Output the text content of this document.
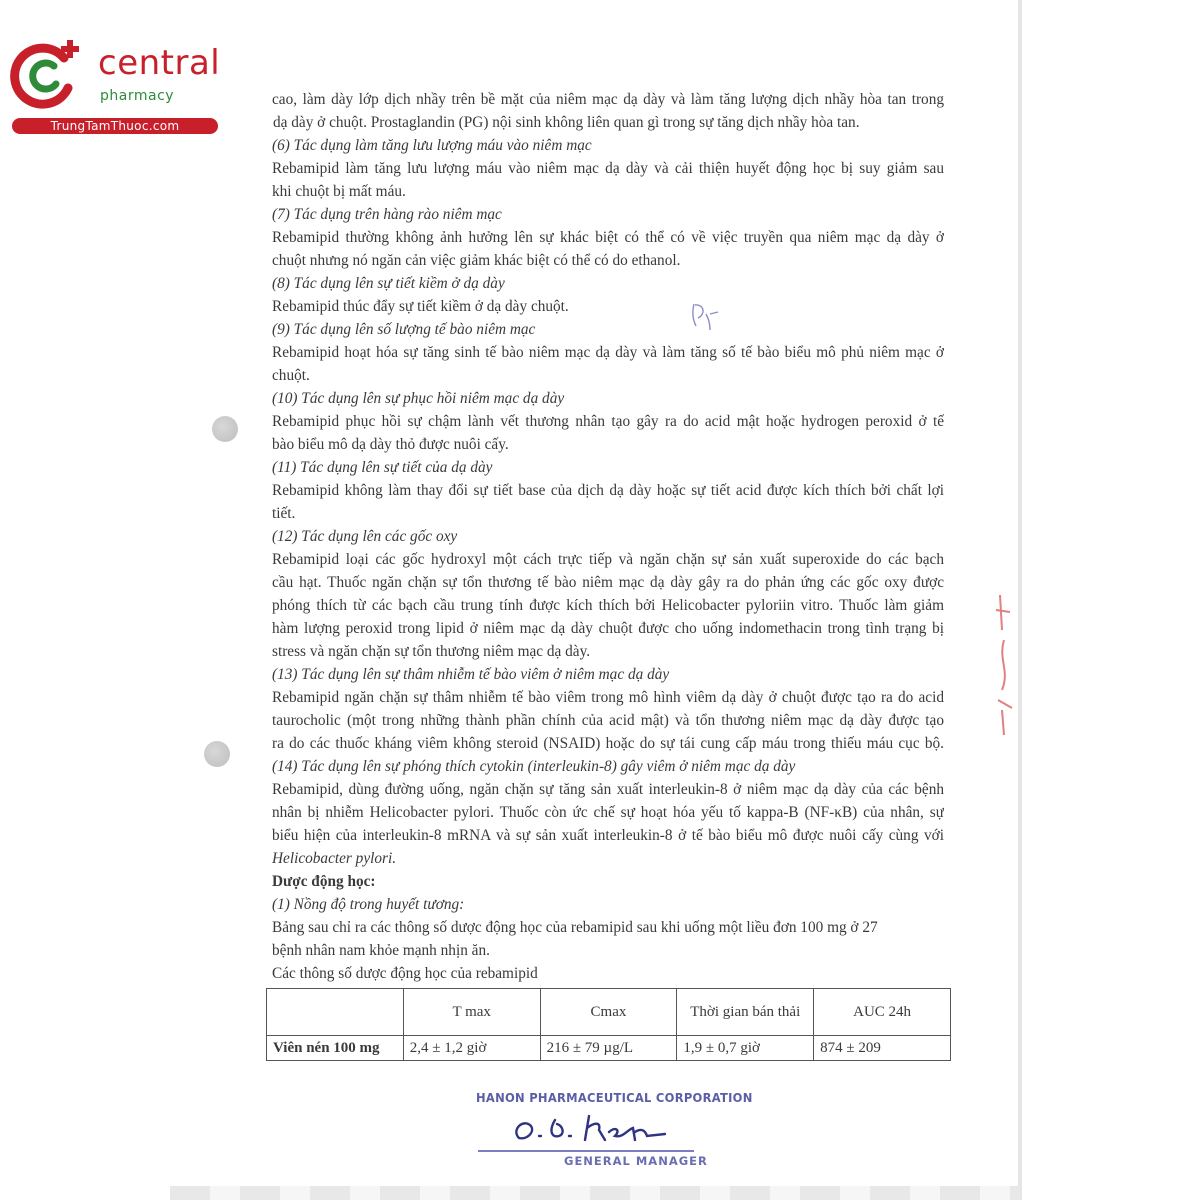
central
pharmacy
TrungTamThuoc.com
cao, làm dày lớp dịch nhầy trên bề mặt của niêm mạc dạ dày và làm tăng lượng dịch nhầy hòa tan trong
dạ dày ở chuột. Prostaglandin (PG) nội sinh không liên quan gì trong sự tăng dịch nhầy hòa tan.
(6) Tác dụng làm tăng lưu lượng máu vào niêm mạc
Rebamipid làm tăng lưu lượng máu vào niêm mạc dạ dày và cải thiện huyết động học bị suy giảm sau
khi chuột bị mất máu.
(7) Tác dụng trên hàng rào niêm mạc
Rebamipid thường không ảnh hưởng lên sự khác biệt có thể có về việc truyền qua niêm mạc dạ dày ở
chuột nhưng nó ngăn cản việc giảm khác biệt có thể có do ethanol.
(8) Tác dụng lên sự tiết kiềm ở dạ dày
Rebamipid thúc đẩy sự tiết kiềm ở dạ dày chuột.
(9) Tác dụng lên số lượng tế bào niêm mạc
Rebamipid hoạt hóa sự tăng sinh tế bào niêm mạc dạ dày và làm tăng số tế bào biểu mô phủ niêm mạc ở
chuột.
(10) Tác dụng lên sự phục hồi niêm mạc dạ dày
Rebamipid phục hồi sự chậm lành vết thương nhân tạo gây ra do acid mật hoặc hydrogen peroxid ở tế
bào biểu mô dạ dày thỏ được nuôi cấy.
(11) Tác dụng lên sự tiết của dạ dày
Rebamipid không làm thay đổi sự tiết base của dịch dạ dày hoặc sự tiết acid được kích thích bởi chất lợi
tiết.
(12) Tác dụng lên các gốc oxy
Rebamipid loại các gốc hydroxyl một cách trực tiếp và ngăn chặn sự sản xuất superoxide do các bạch
cầu hạt. Thuốc ngăn chặn sự tổn thương tế bào niêm mạc dạ dày gây ra do phản ứng các gốc oxy được
phóng thích từ các bạch cầu trung tính được kích thích bởi Helicobacter pyloriin vitro. Thuốc làm giảm
hàm lượng peroxid trong lipid ở niêm mạc dạ dày chuột được cho uống indomethacin trong tình trạng bị
stress và ngăn chặn sự tổn thương niêm mạc dạ dày.
(13) Tác dụng lên sự thâm nhiễm tế bào viêm ở niêm mạc dạ dày
Rebamipid ngăn chặn sự thâm nhiễm tế bào viêm trong mô hình viêm dạ dày ở chuột được tạo ra do acid
taurocholic (một trong những thành phần chính của acid mật) và tổn thương niêm mạc dạ dày được tạo
ra do các thuốc kháng viêm không steroid (NSAID) hoặc do sự tái cung cấp máu trong thiếu máu cục bộ.
(14) Tác dụng lên sự phóng thích cytokin (interleukin-8) gây viêm ở niêm mạc dạ dày
Rebamipid, dùng đường uống, ngăn chặn sự tăng sản xuất interleukin-8 ở niêm mạc dạ dày của các bệnh
nhân bị nhiễm Helicobacter pylori. Thuốc còn ức chế sự hoạt hóa yếu tố kappa-B (NF-κB) của nhân, sự
biểu hiện của interleukin-8 mRNA và sự sản xuất interleukin-8 ở tế bào biểu mô được nuôi cấy cùng với
Helicobacter pylori.
Dược động học:
(1) Nồng độ trong huyết tương:
Bảng sau chỉ ra các thông số dược động học của rebamipid sau khi uống một liều đơn 100 mg ở 27
bệnh nhân nam khỏe mạnh nhịn ăn.
Các thông số dược động học của rebamipid
	T max	Cmax	Thời gian bán thải	AUC 24h
Viên nén 100 mg	2,4 ± 1,2 giờ	216 ± 79 µg/L	1,9 ± 0,7 giờ	874 ± 209
HANON PHARMACEUTICAL CORPORATION
GENERAL MANAGER
